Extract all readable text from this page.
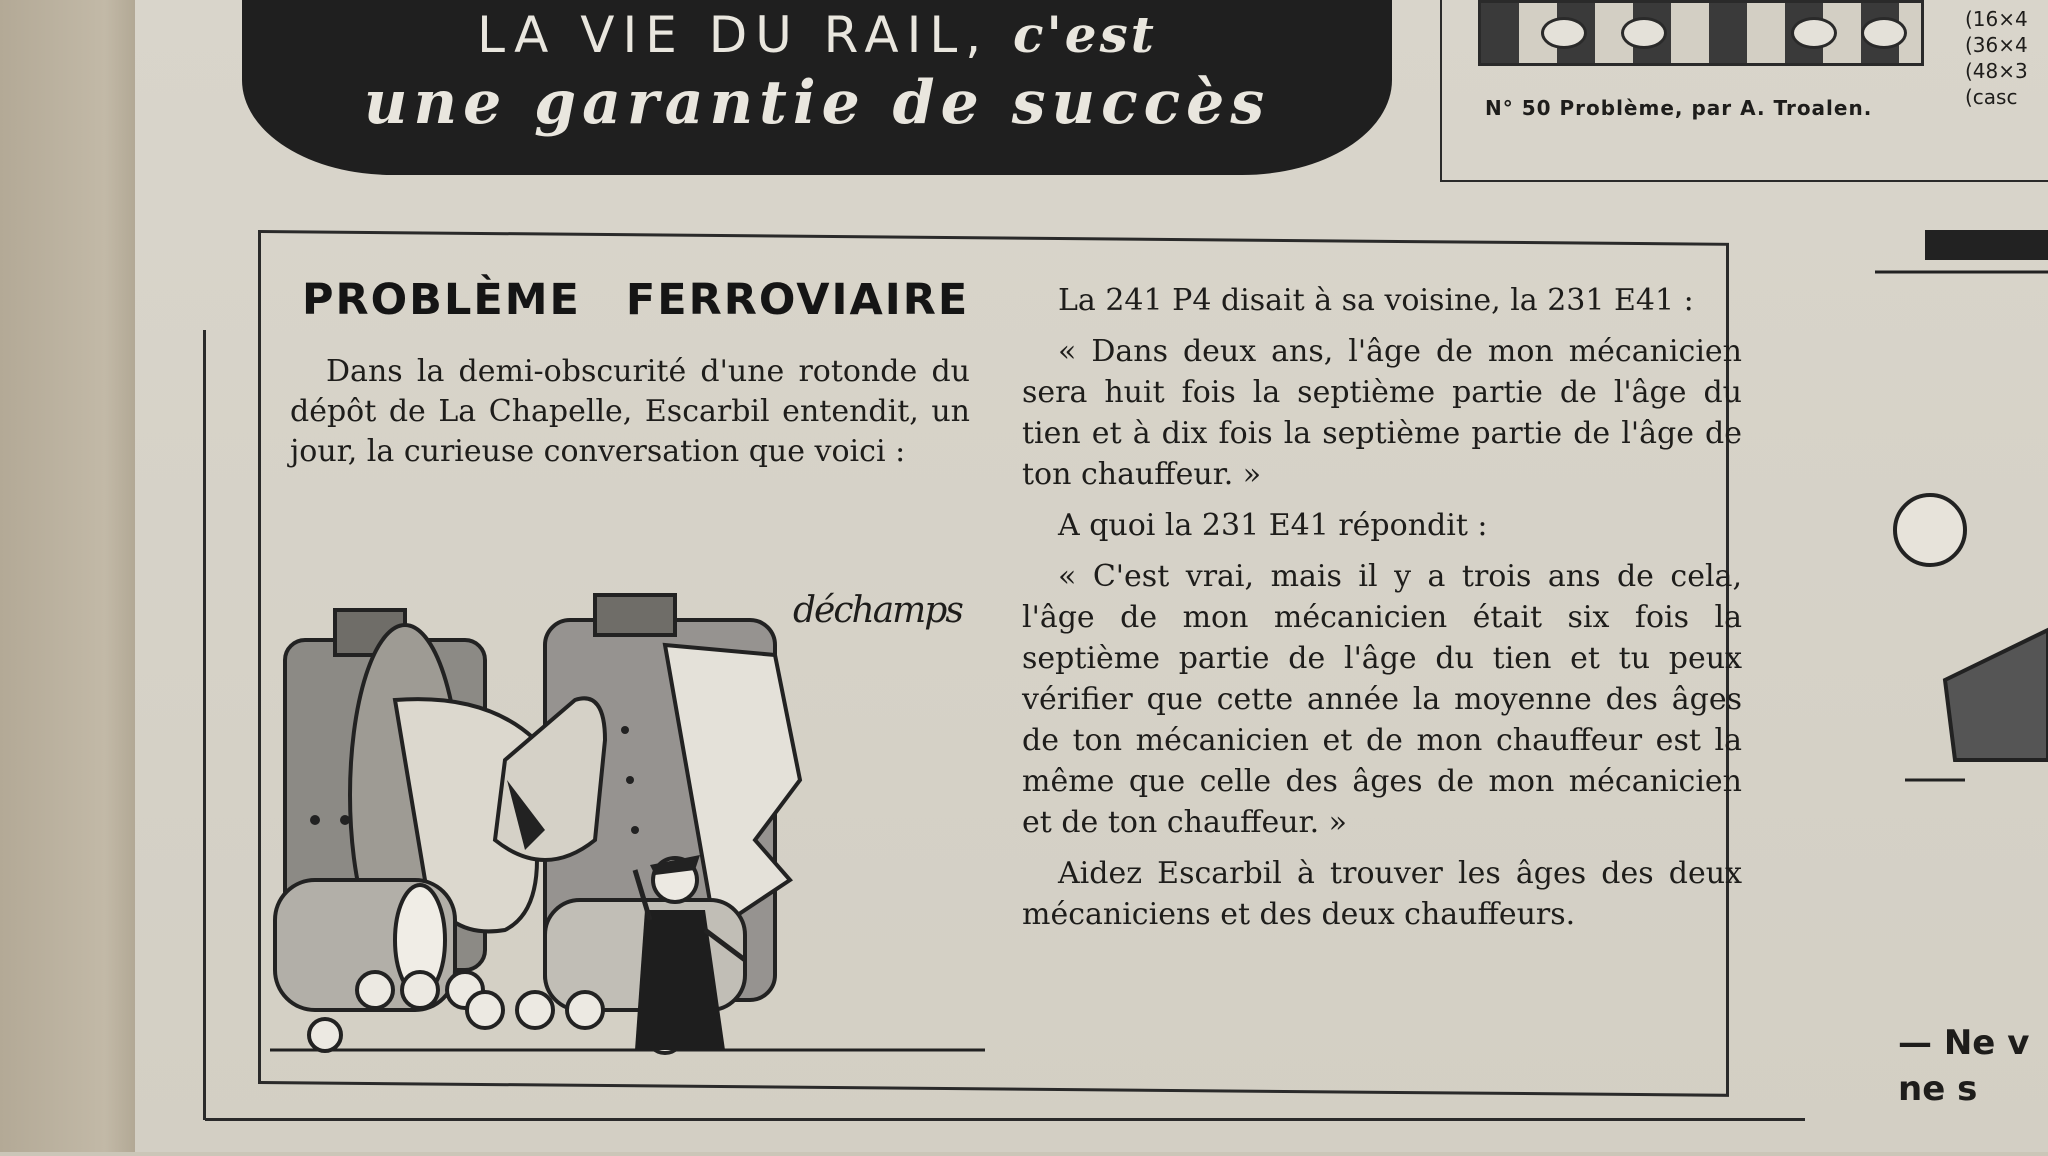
LA VIE DU RAIL, c'est
une garantie de succès	N° 50 Problème, par A. Troalen.
(16×4
(36×4
(48×3
(casc
PROBLÈME FERROVIAIRE

Dans la demi-obscurité d'une rotonde du dépôt de La Chapelle, Escarbil entendit, un jour, la curieuse conversation que voici :

La 241 P4 disait à sa voisine, la 231 E41 :

« Dans deux ans, l'âge de mon mécanicien sera huit fois la septième partie de l'âge du tien et à dix fois la septième partie de l'âge de ton chauffeur. »

A quoi la 231 E41 répondit :

« C'est vrai, mais il y a trois ans de cela, l'âge de mon mécanicien était six fois la septième partie de l'âge du tien et tu peux vérifier que cette année la moyenne des âges de ton mécanicien et de mon chauffeur est la même que celle des âges de mon mécanicien et de ton chauffeur. »

Aidez Escarbil à trouver les âges des deux mécaniciens et des deux chauffeurs.

déchamps
— Ne v
ne s
